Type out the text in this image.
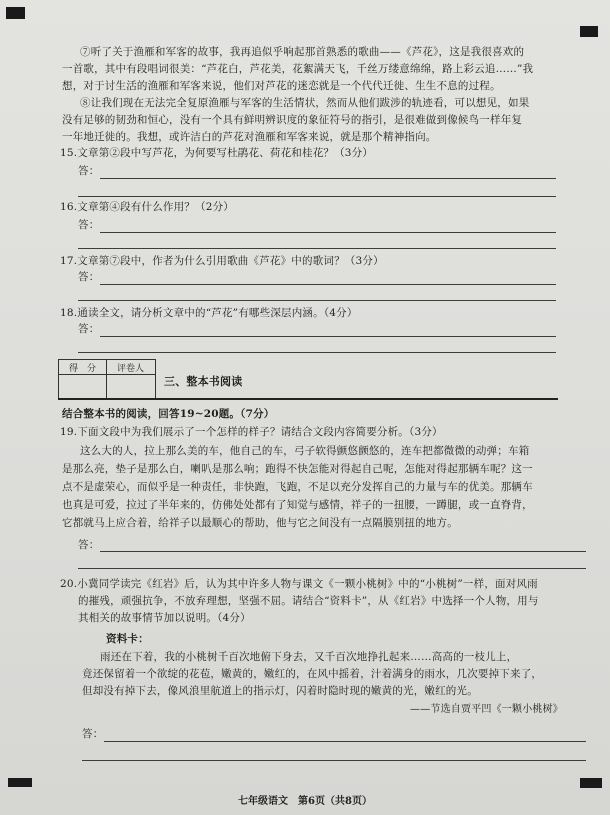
⑦听了关于渔雁和军客的故事，我再追似乎响起那首熟悉的歌曲——《芦花》，这是我很喜欢的
一首歌，其中有段唱词很美：“芦花白，芦花美，花絮满天飞，千丝万缕意绵绵，路上彩云追……”我
想，对于讨生活的渔雁和军客来说，他们对芦花的迷恋就是一个代代迁徙、生生不息的过程。
⑧让我们现在无法完全复原渔雁与军客的生活情状，然而从他们跋涉的轨迹看，可以想见，如果
没有足够的韧劲和恒心，没有一个具有鲜明辨识度的象征符号的指引，是很难做到像候鸟一样年复
一年地迁徙的。我想，或许洁白的芦花对渔雁和军客来说，就是那个精神指向。
15.文章第②段中写芦花，为何要写杜鹃花、荷花和桂花？（3分）
答：
16.文章第④段有什么作用？（2分）
答：
17.文章第⑦段中，作者为什么引用歌曲《芦花》中的歌词？（3分）
答：
18.通读全文，请分析文章中的“芦花”有哪些深层内涵。（4分）
答：
得　分 评卷人
三、整本书阅读
结合整本书的阅读，回答19~20题。（7分）
19.下面文段中为我们展示了一个怎样的样子？请结合文段内容简要分析。（3分）
这么大的人，拉上那么美的车，他自己的车，弓子软得颤悠颤悠的，连车把都微微的动弹；车箱
是那么亮，垫子是那么白，喇叭是那么响；跑得不快怎能对得起自己呢，怎能对得起那辆车呢？这一
点不是虚荣心，而似乎是一种责任，非快跑，飞跑，不足以充分发挥自己的力量与车的优美。那辆车
也真是可爱，拉过了半年来的，仿佛处处都有了知觉与感情，祥子的一扭腰，一蹲腿，或一直脊背，
它都就马上应合着，给祥子以最顺心的帮助，他与它之间没有一点隔膜别扭的地方。
答：
20.小冀同学读完《红岩》后，认为其中许多人物与课文《一颗小桃树》中的“小桃树”一样，面对风雨
的摧残，顽强抗争，不放弃理想，坚强不屈。请结合“资料卡”，从《红岩》中选择一个人物，用与
其相关的故事情节加以说明。（4分）
资料卡：
雨还在下着，我的小桃树千百次地俯下身去，又千百次地挣扎起来……高高的一枝儿上，
竟还保留着一个欲绽的花苞，嫩黄的，嫩红的，在风中摇着，汁着满身的雨水，几次要掉下来了，
但却没有掉下去，像风浪里航道上的指示灯，闪着时隐时现的嫩黄的光，嫩红的光。
——节选自贾平凹《一颗小桃树》
答：
七年级语文　第6页（共8页）
